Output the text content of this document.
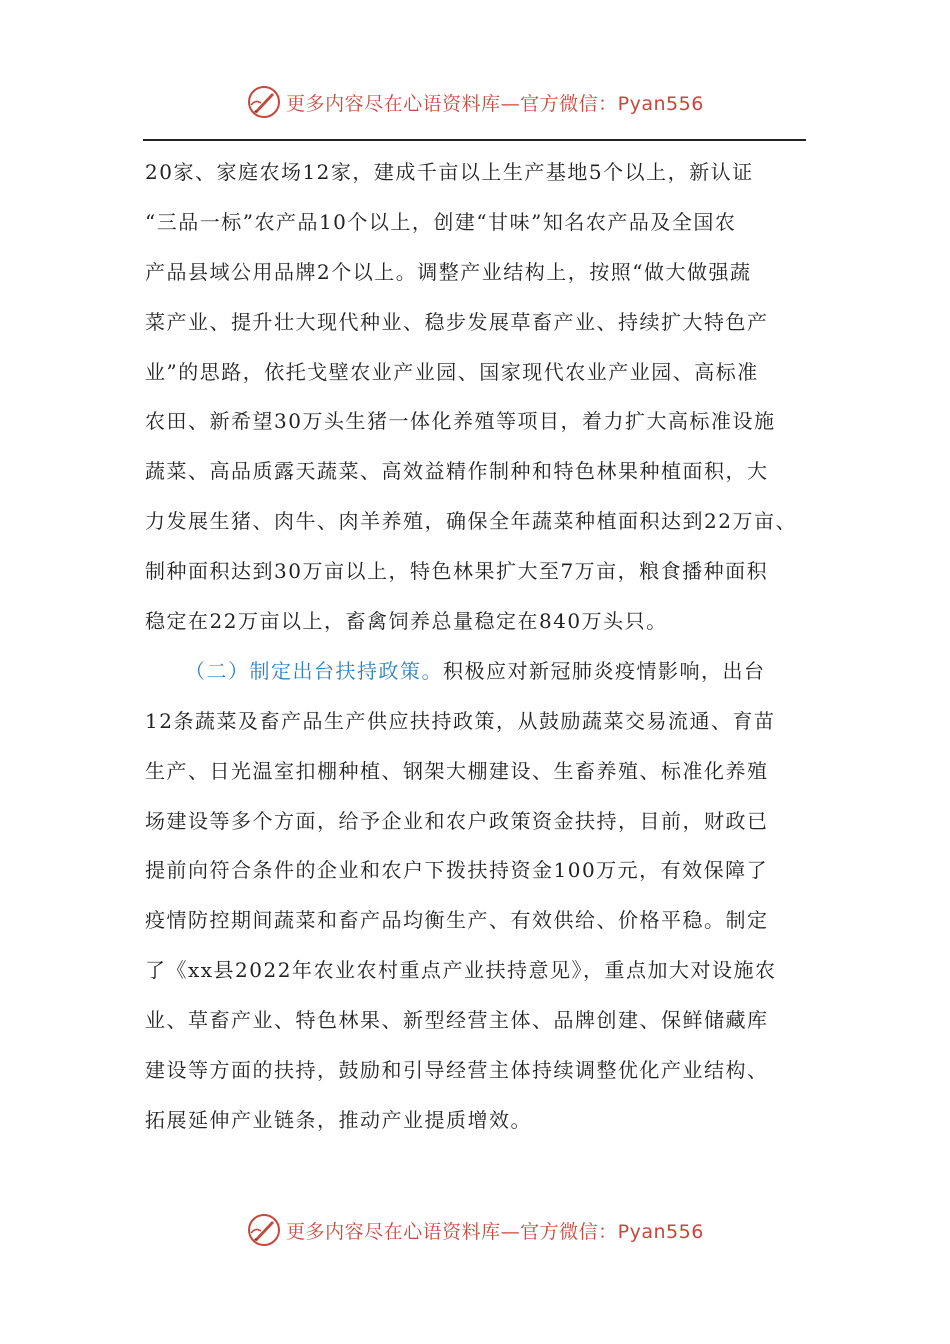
更多内容尽在心语资料库—官方微信：Pyan556
20家、家庭农场12家，建成千亩以上生产基地5个以上，新认证
“三品一标”农产品10个以上，创建“甘味”知名农产品及全国农
产品县域公用品牌2个以上。调整产业结构上，按照“做大做强蔬
菜产业、提升壮大现代种业、稳步发展草畜产业、持续扩大特色产
业”的思路，依托戈壁农业产业园、国家现代农业产业园、高标准
农田、新希望30万头生猪一体化养殖等项目，着力扩大高标准设施
蔬菜、高品质露天蔬菜、高效益精作制种和特色林果种植面积，大
力发展生猪、肉牛、肉羊养殖，确保全年蔬菜种植面积达到22万亩、
制种面积达到30万亩以上，特色林果扩大至7万亩，粮食播种面积
稳定在22万亩以上，畜禽饲养总量稳定在840万头只。
（二）制定出台扶持政策。积极应对新冠肺炎疫情影响，出台
12条蔬菜及畜产品生产供应扶持政策，从鼓励蔬菜交易流通、育苗
生产、日光温室扣棚种植、钢架大棚建设、生畜养殖、标准化养殖
场建设等多个方面，给予企业和农户政策资金扶持，目前，财政已
提前向符合条件的企业和农户下拨扶持资金100万元，有效保障了
疫情防控期间蔬菜和畜产品均衡生产、有效供给、价格平稳。制定
了《xx县2022年农业农村重点产业扶持意见》，重点加大对设施农
业、草畜产业、特色林果、新型经营主体、品牌创建、保鲜储藏库
建设等方面的扶持，鼓励和引导经营主体持续调整优化产业结构、
拓展延伸产业链条，推动产业提质增效。
更多内容尽在心语资料库—官方微信：Pyan556
